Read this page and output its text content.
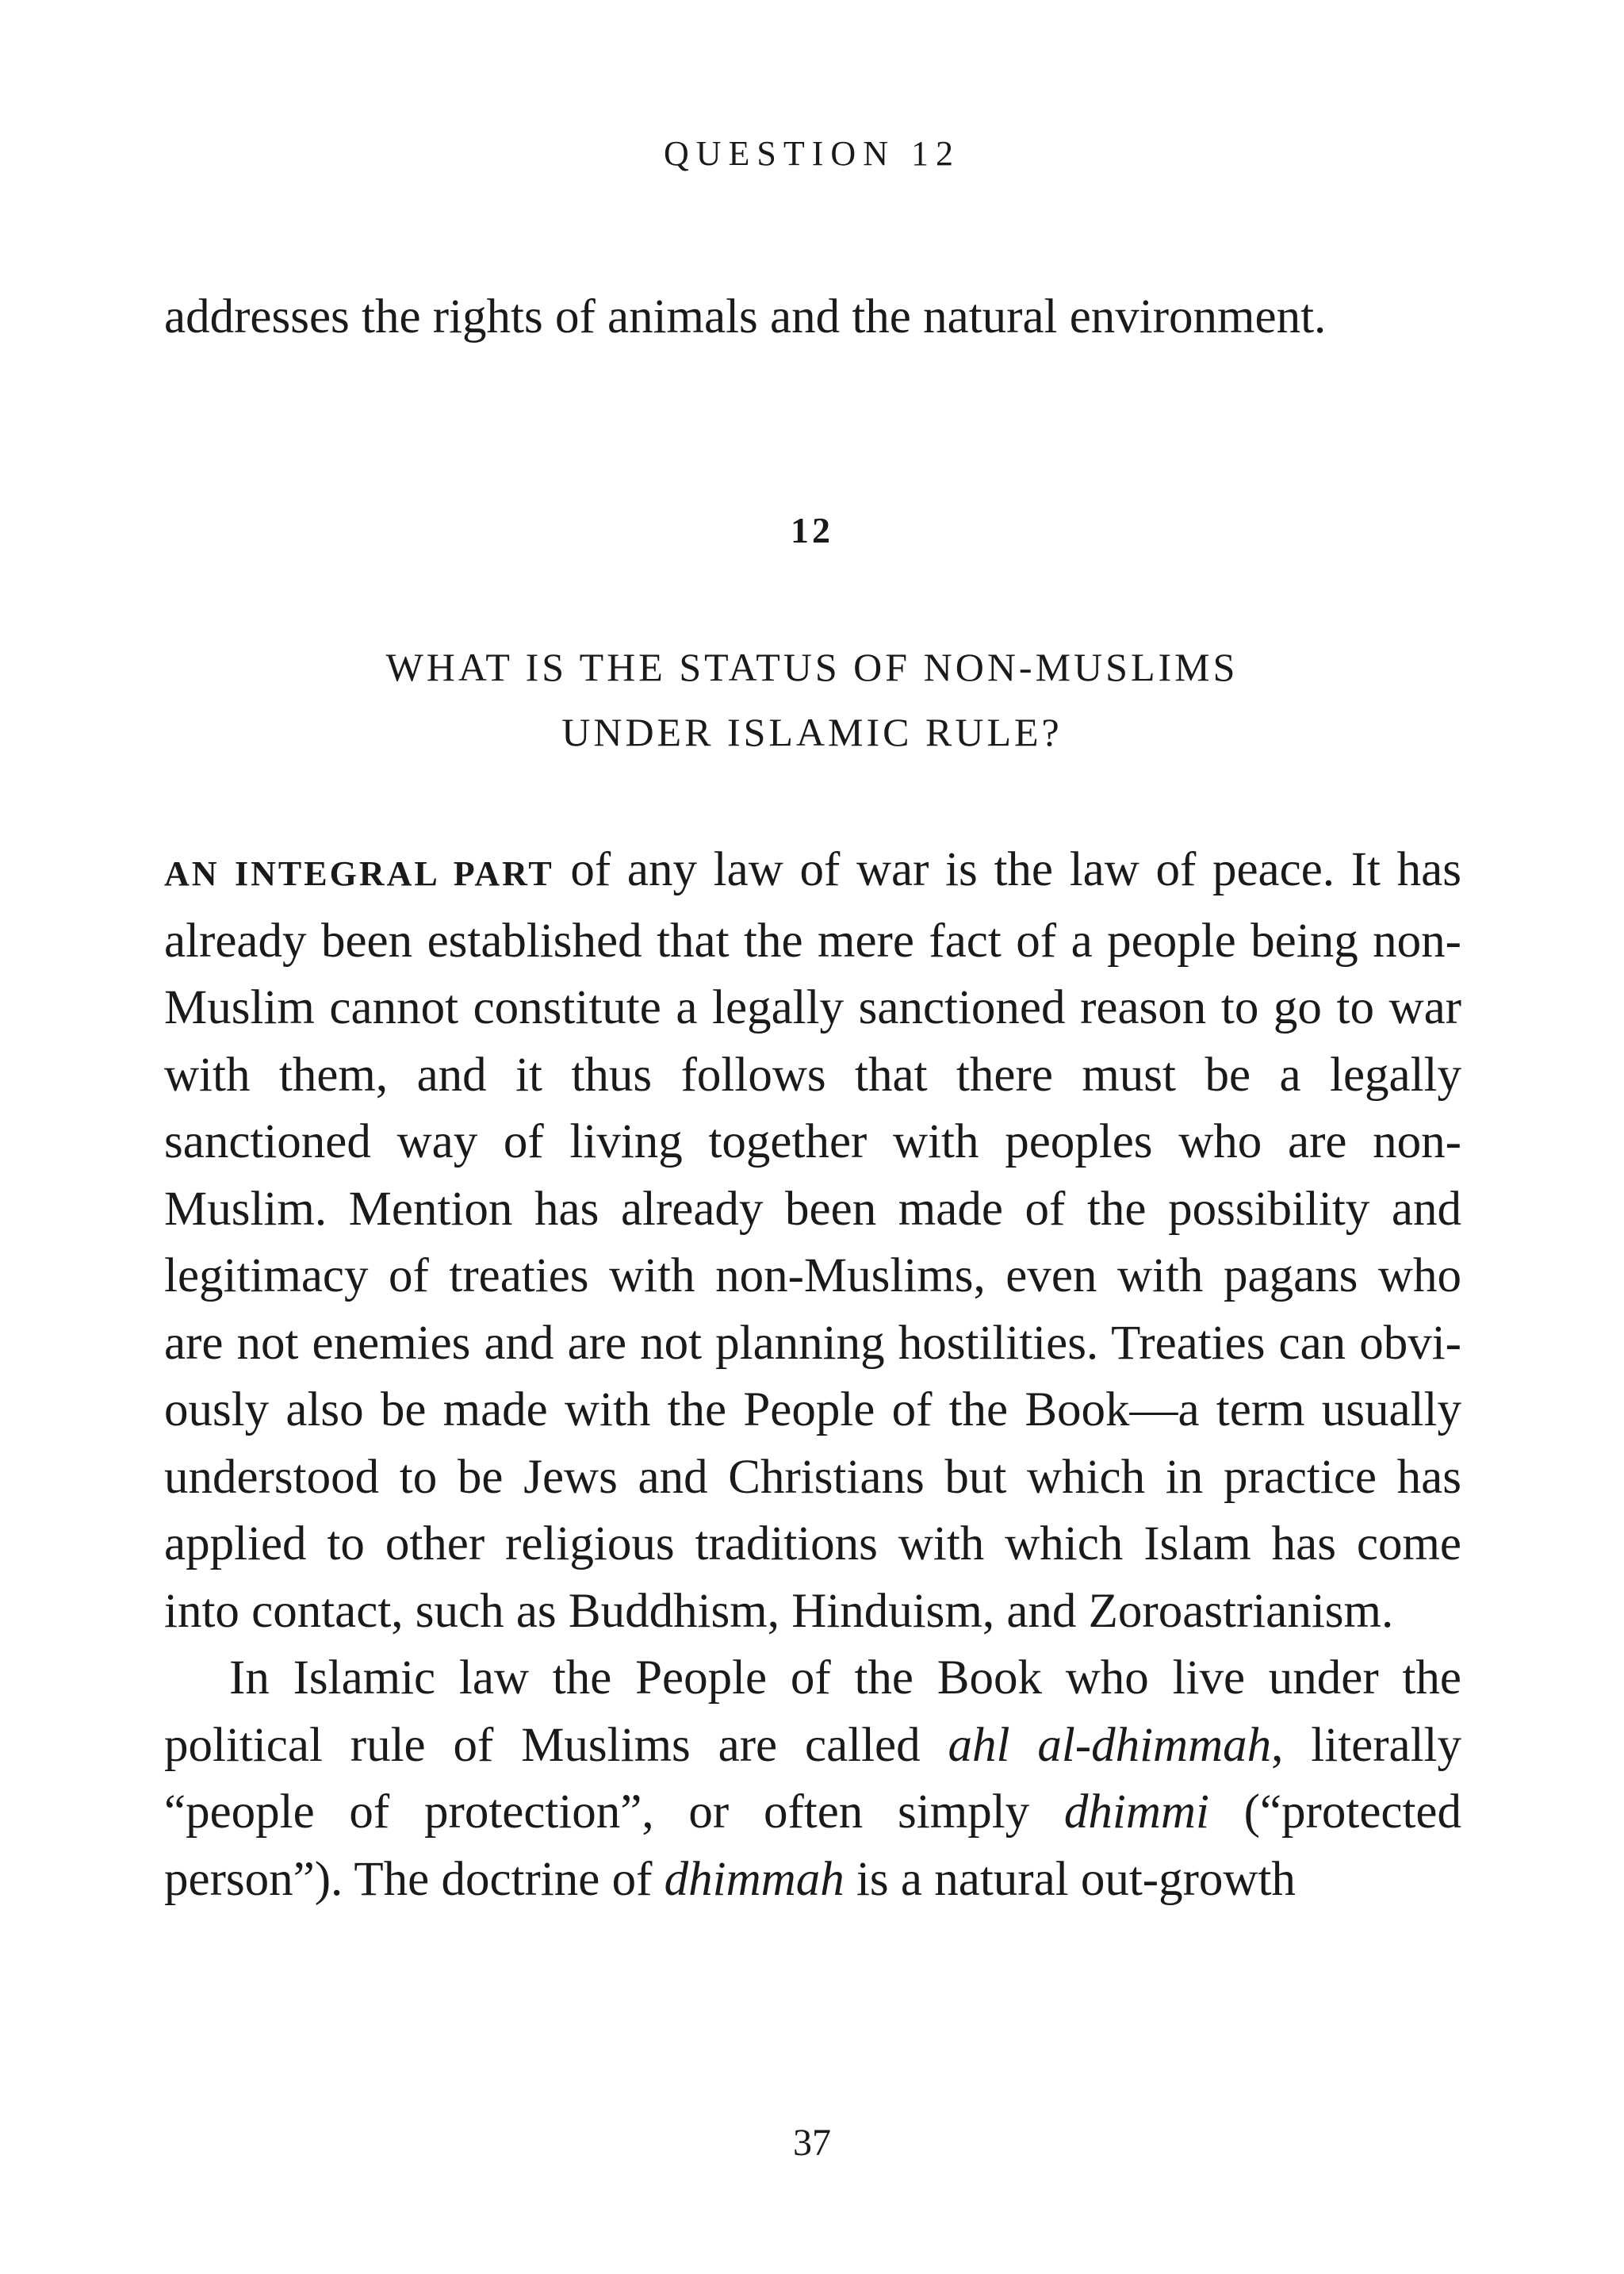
QUESTION 12

addresses the rights of animals and the natural environment.

12
WHAT IS THE STATUS OF NON-MUSLIMS
UNDER ISLAMIC RULE?

AN INTEGRAL PART of any law of war is the law of peace. It has already been established that the mere fact of a people being non-Muslim cannot constitute a legally sanctioned reason to go to war with them, and it thus follows that there must be a legally sanctioned way of living together with peoples who are non-Muslim. Mention has already been made of the possibility and legitimacy of treaties with non-Muslims, even with pagans who are not enemies and are not planning hostilities. Treaties can obviously also be made with the People of the Book—a term usually understood to be Jews and Christians but which in practice has applied to other religious traditions with which Islam has come into contact, such as Buddhism, Hinduism, and Zoroastrianism.

In Islamic law the People of the Book who live under the political rule of Muslims are called ahl al-dhimmah, literally “people of protection”, or often simply dhimmi (“protected person”). The doctrine of dhimmah is a natural out-growth

37
